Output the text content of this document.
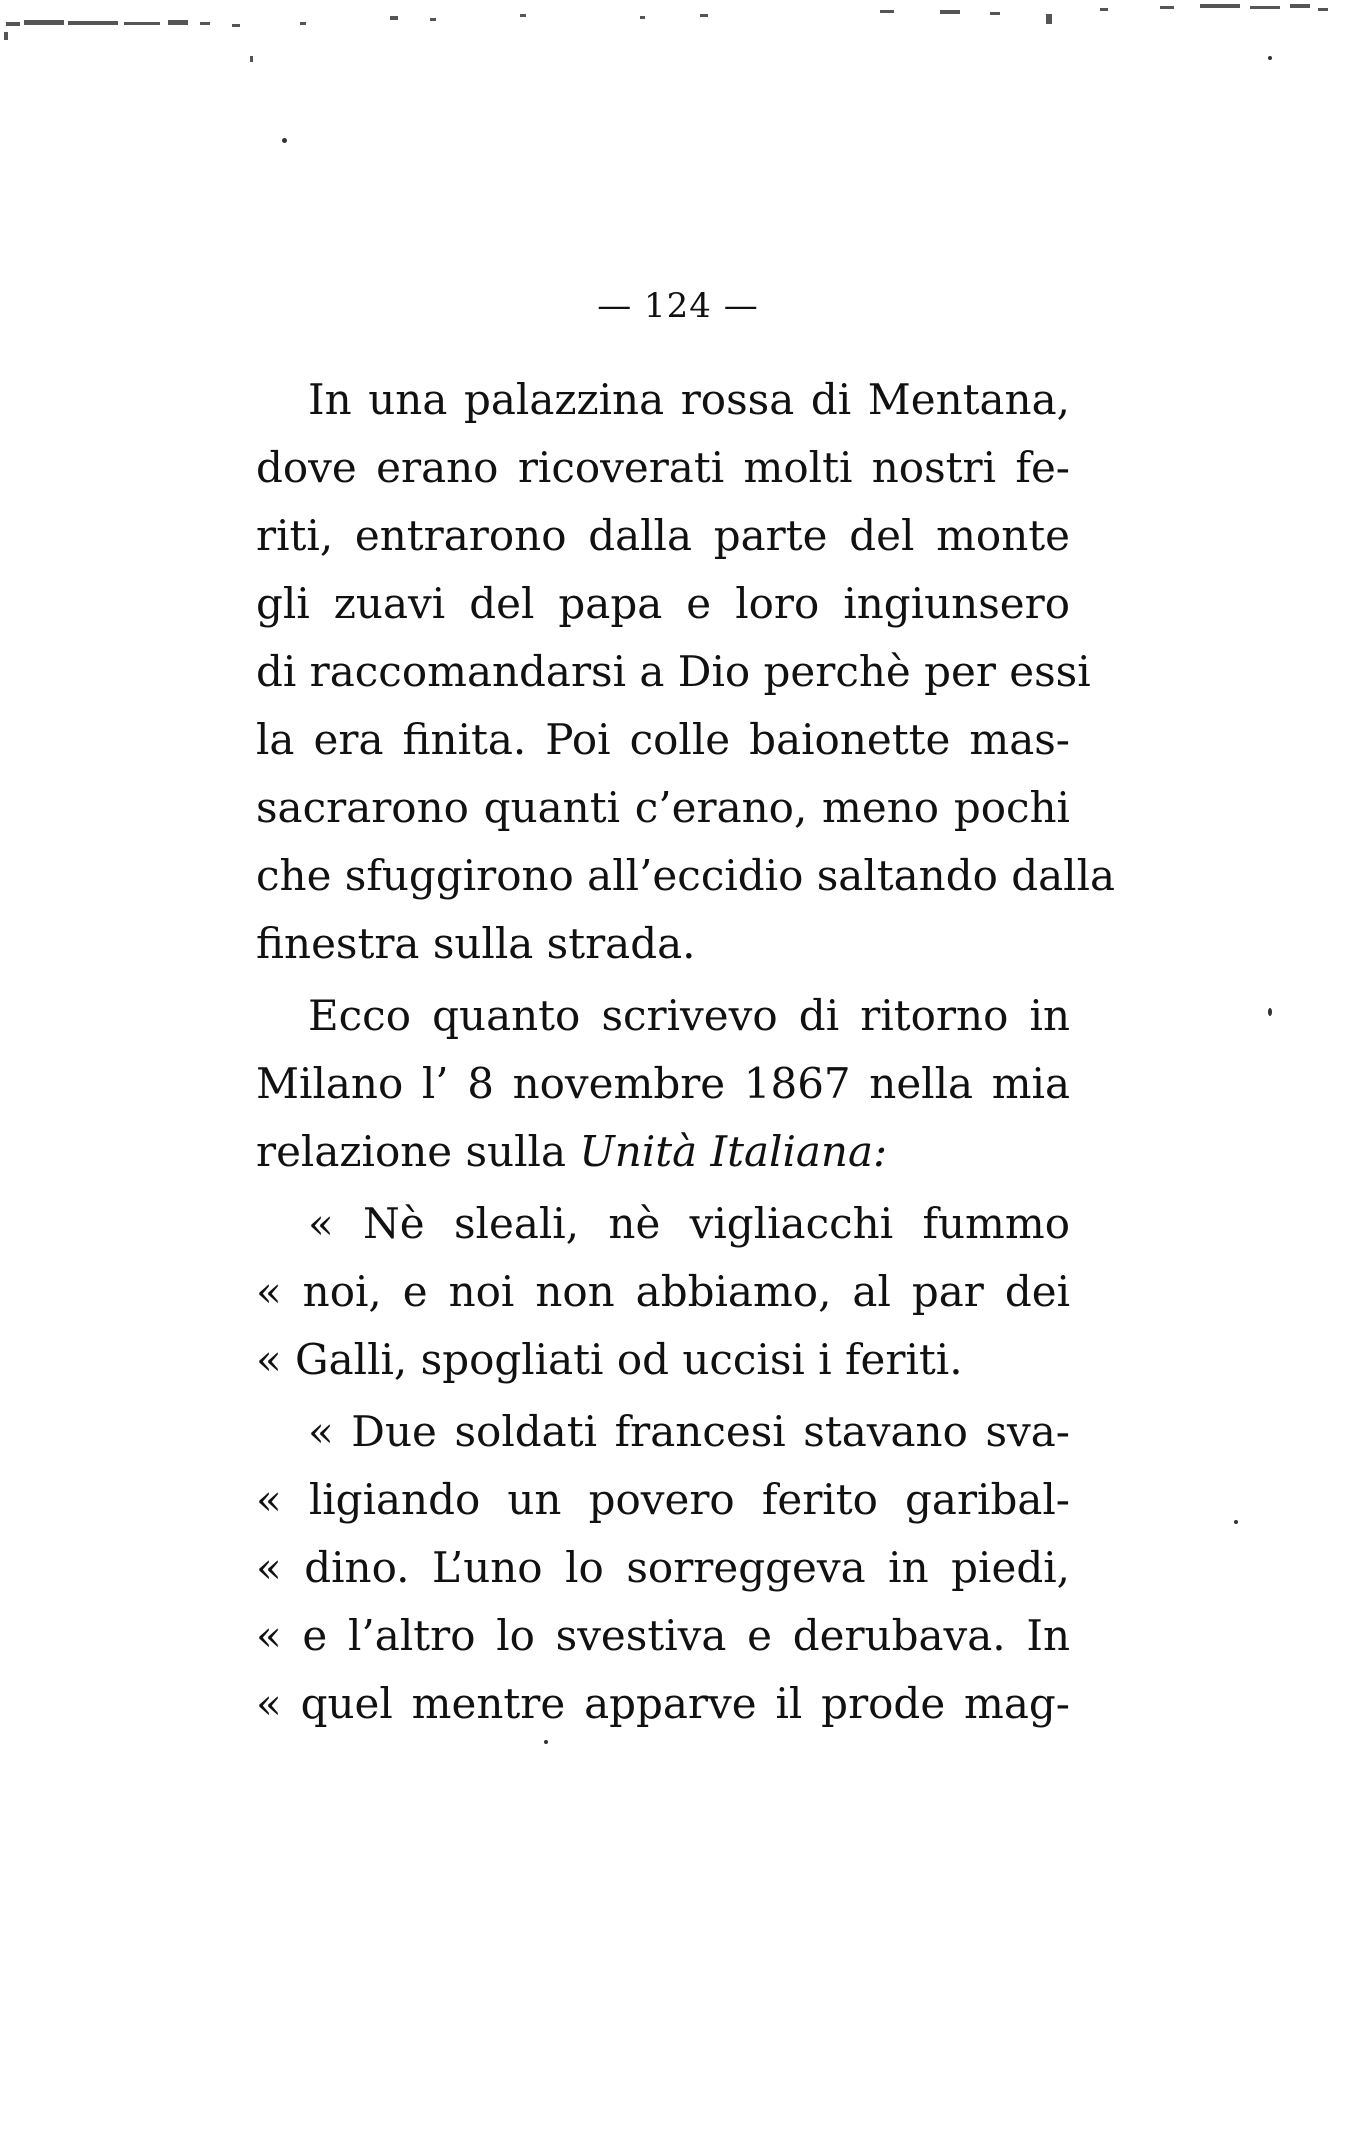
— 124 —
In una palazzina rossa di Mentana,
dove erano ricoverati molti nostri fe-
riti, entrarono dalla parte del monte
gli zuavi del papa e loro ingiunsero
di raccomandarsi a Dio perchè per essi
la era finita. Poi colle baionette mas-
sacrarono quanti c’erano, meno pochi
che sfuggirono all’eccidio saltando dalla
finestra sulla strada.
Ecco quanto scrivevo di ritorno in
Milano l’ 8 novembre 1867 nella mia
relazione sulla Unità Italiana:
« Nè sleali, nè vigliacchi fummo
« noi, e noi non abbiamo, al par dei
« Galli, spogliati od uccisi i feriti.
« Due soldati francesi stavano sva-
« ligiando un povero ferito garibal-
« dino. L’uno lo sorreggeva in piedi,
« e l’altro lo svestiva e derubava. In
« quel mentre apparve il prode mag-
